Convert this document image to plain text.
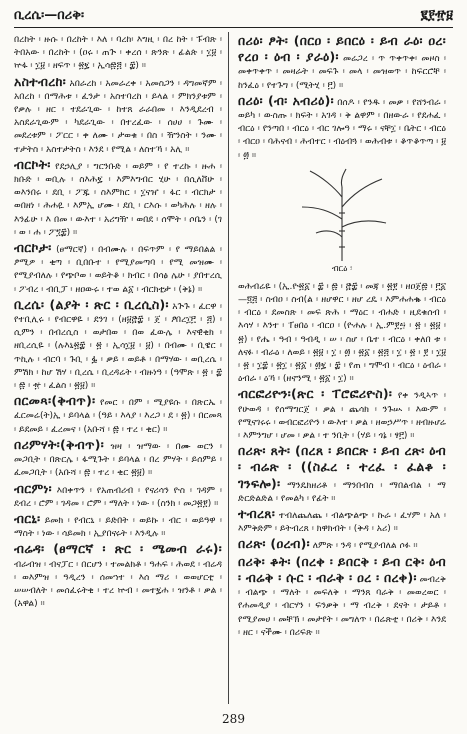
ቢረሴ፡—በሪቅ፡	፪፻፹፱

በረከት ፡ ዙሱ ፡ በረከት ፡ እለ ፡ ባረከ፡ እግዚ ፡ በረ ከት ፡ ፑብጽ ፡ ትበአው ፡ በረከት ፡ (ዐሩ ፡ ጠጕ ፡ ቀረሰ ፡ ጽንጽ ፡ ፊልጵ ፡ ፲፱ ፡ ኵፋ ፡ ፲፱ ፡ ዘፍጥ ፡ ፳፯ ፡ ኢሳ፷፭ ፡ ፰) ።

አስተብረከ፡ አበራረከ ፡ አመራረቀ ፡ አመስጋን ፡ ዳግመኛም ፡ አበረከ ፡ በማሕቱ ፡ ፈንታ ፡ አስተባረከ ፡ ይላል ፡ ምክንያቱም ፡ የቃሉ ፡ ዘር ፡ ተደራጊው ፡ ከተጸ ራራበመ ፡ እንዲደረብ ፡ አስደራጊውም ፡ ካደራጊው ፡ በተረፈው ፡ ሰሀሀ ፡ ጉሙ ፡ መደረቱም ፡ ፖርር ፡ ቀ ለሙ ፡ ታወቁ ፡ በስ ፡ ዥንስት ፡ ንሙ ፡ ተታትስ ፡ አስተታትስ ፡ እንደ ፡ የሚል ፡ ለስተኻ ፡ አሊ ።

ብርኮት፡ የደኃሊያ ፡ ግርንቡድ ፡ ወይም ፡ የ ተረኩ ፡ ዙሐ ፡ ክቡድ ፡ ወቢሉ ፡ ስእሕ፯ ፡ እምእግብር ሂሁ ፡ በሲለቨሁ ፡ ወእንበሩ ፡ ደቢ ፡ ፖጁ ፡ ስእምክር ፡ ፲ናዠ ፡ ፋር ፡ ብርክታ ፡ ወበዘነ ፡ ሕሐዪ ፡ እምኢ ሆሙ ፡ ደቢ ፡ ርእሱ ፡ ወካሕሉ ፡ ዘሉ ፡ እንፊሁ ፡ እ በመ ፡ ውእተ ፡ አሪግዥ ፡ ወበደ ፡ ሰሞት ፡ ሶቤን ፡ (ገ ፡ ወ ፡ ሐ ፡ ፖ፺፰) ።

ብርኮታ፡ (ፀማርኛ) ፡ በብሙሉ ፡ በፍጥም ፡ የ ማይበልል ፡ ፆሚዎ ፡ ቂጣ ፡ ቢበቡተ ፡ የሚያመጣባ ፡ የሚ መዝሙ ፡ የሚያብለሉ ፡ የጭቦወ ፡ ወይትቆ ፡ ክብር ፡ በሳፅ ሌሁ ፡ ያበተረሲ ፡ ፖብረ ፡ ብቢፓ ፡ ዘዐውሩ ፡ ተወ ል፩ ፡ ብርክቲታ ፡ (ቅኔ) ።

ቢረሴ፡ (ልያት ፡ ጽር ፡ ቢረሲስ)፡ አጕጉ ፡ ፈርዋ ፡ የተቢሊሩ ፡ የብርዋዬ ፡ ደንገ ፡ (ዘ፱፸፰ ፡ ጀ ፡ ፆበረ፲፫ ፡ ፭) ፡ ሲምን ፡ በብረሲስ ፡ ወታበወ ፡ በወ ፈውሌ ፡ እናዊቂክ ፡ ዘቢረሲዬ ፡ (ሉእኒ፳፰ ፡ ፳ ፡ ኢሳ፲፱ ፡ ፱) ፡ በብሙ ፡ ቢዌር ፡ ጥኪሉ ፡ ብርባ ፡ ጉቢ ፡ ፏ ፡ ቃይ ፡ ወይቶ ፡ በማሃው ፡ ወቢረሴ ፡ ምሽክ ፡ ከሆ ሽሃ ፡ ቢረሴ ፡ ቢረዳሬት ፡ ብዙነዓ ፡ (ዓሞጽ ፡ ፳ ፡ ፰ ፡ ፷ ፡ ፹ ፡ ፈልስ ፡ ፳፱) ።

በርመጻ፡(ቅብጥ)፡ የመር ፡ በም ፡ ሚያዩሱ ፡ በጽርኤ ፡ ፈርመሬ(ት)ኢ ፡ ይባላል ፡ (ዓይ ፡ እላያ ፡ እረጋ ፡ ደ ፡ ፳) ፡ በርመጻ ፡ ይደመይ ፡ ፈረመና ፡ (አቡሻ ፡ ፷ ፡ ተረ ፡ ቂር) ።

በሪምሃት፡(ቅብጥ)፡ ዝዛ ፡ ዝማው ፡ በሙ ወርን ፡ መጋቢት ፡ በጽርሌ ፡ ፋሚጉት ፡ ይባላል ፡ በረ ምሃት ፡ ይሰምይ ፡ ፈመጋቢት ፡ (አቡሻ ፡ ፷ ፡ ተረ ፡ ቂር ፳፱) ።

ብርምነ፡ እበቀጥን ፡ የአጠብሪብ ፡ የናሪሳን ዮስ ፡ ገዳም ፡ ደብረ ፡ ሮም ፡ ገዳመ ፡ ሮም ፡ ማለት ፡ ነው ፡ (ስንክ ፡ መጋ፳፻) ።

ብርኒ፡ ይመክ ፡ የብርኒ ፡ ይድበት ፡ ወይኩ ፡ ብር ፡ ወይዓዋ ፡ ማስት ፡ ነው ፡ ሳይመክ ፡ ኢያበናሩት ፡ እንዲሉ ።

ብሬዳ፡ (ፀማርኛ ፡ ጽር ፡ ሜመብ ራሩ)፡ ብራብዝ ፡ ብናፓር ፡ በርሆን ፡ ተመልክቶ ፡ ዓሐፍ ፡ ሕወደ ፡ ብሬዳ ፡ ወእምዝ ፡ ዓዲረን ፡ ሰመኀተ ፡ እሰ ማሪ ፡ ወወሆርቲ ፡ ሠሠብለት ፡ መሰፈሩትቂ ፡ ተረ ኵብ ፡ መተ፯ሐ ፡ ዝንቶ ፡ ቃል ፡ (አዋል) ።

በሪዕ፡ ፆት፡ (በርዐ ፡ ይበርዕ ፡ ይብ ራዕ፡ ዐረ፡ የረዐ ፡ ዕብ ፡ ያራዕ)፡ መሬጋረ ፡ ጥ ጥቀጥቀ፡ መዞስ ፡ መቀጥቀጥ ፡ መዛራት ፡ መፍጉ ፡ መላ ፡ መዝወጥ ፡ ከፍርሮቸ ፡ ከንፈዕ ፡ የተጉግ ፡ (ሚትሂ ፡ ፫) ።

በሪዕ፡ (ብ፡ አብሪዕ)፡ በሰዶ ፡ የንዱ ፡ መቃ ፡ የሸንብራ ፡ ወይካ ፡ ውስጡ ፡ ክፍት ፡ አገዳ ፡ ቅ ልዋም ፡ በዘውራ ፡ የደሐፈ ፡ ብርዕ ፡ የንጣበ ፡ ብርዕ ፡ ብር ገሎዓ ፡ ማሩ ፡ ናቸ፲ ፡ ቤትር ፡ ብርዕ ፡ ብርዐ ፡ ባሕናብ ፡ ሕብተር ፡ ብዕብጓ ፡ ወሕብቱ ፡ ቆጥቆጥጣ ፡ ፱ ፡ ፴ ።

ብርዕ ፡

ወሕብሬዬ ፡ (ኢ.ዮ፳፩ ፡ ፰ ፡ ፷ ፡ ፸፰ ፡ መጃ ፡ ፳፻ ፡ ዘዐጀ፷ ፡ ፫፩—፬፭ ፡ ስብዐ ፡ ስብ(ል ፡ ዘሆዋር ፡ ዘሆ ረዴ ፡ እምሐሐቈ ፡ ብርዕ ፡ ብርዕ ፡ ደመስጽ ፡ መፍ ጽሕ ፡ ማዕር ፡ ብሐድ ፡ ዚደቁሰብ ፡ እሳሃ ፡ እንተ ፡ ፐፀበዕ ፡ ብርዐ ፡ (ዮሐሉ ፡ ኢ.ም፻፵ ፡ ፳ ፡ ፳፱ ፡ ፳) ፡ የሔ ፡ ዓብ ፡ ዓብዲ ፡ ሠ ፡ ስሆ ፡ ቤተ ፡ ብርዕ ፡ ቀለበ ቱ ፡ ለናፉ ፡ ብራዕ ፡ ለወይ ፡ ፳፱ ፡ ፲ ፡ ፴ ፡ ፳፩ ፡ ፳፭ ፡ ፲ ፡ ፳ ፡ ፻ ፡ ፲፱ ፡ ፳ ፡ ፲፰ ፡ ፳፲ ፡ ፳፩ ፡ ፴፯ ፡ ፰ ፡ የጠ ፡ ግሞብ ፡ ብርዕ ፡ ዕብራ ፡ ዕብራ ፡ ዕኻ ፡ (ዘኖንሚ ፡ ፳፩ ፡ ፲) ።

ብርፎሪዮን፡(ጽር ፡ ፐሮፎሪዮስ)፡ የቀ ንዲኣጥ ፡ የሁወዳ ፡ የሰማግርጀ ፡ ቃል ፡ ጨሳክ ፡ ንጉሡ ፡ እውም ፡ የሚናገሩሩ ፡ ወብርፎሪዮን ፡ ውእተ ፡ ቃል ፡ ዘወኃሥጥ ፡ ዘብዙሆሬ ፡ እምንግሆ ፡ ሆመ ፡ ቃል ፡ ተ ንቢት ፡ (ሃይ ፡ ጎኔ ፡ ፃ፫) ።

በሪጽ፡ ጸት፡ (በረጸ ፡ ይበርጽ ፡ ይብ ረጽ፡ ዕብ ፡ ብሬጽ ፡ ((ስፈረ ፡ ተረፈ ፡ ፈልቆ ፡ ገንፍሎ)፡ ማንዴክዘሪቶ ፡ ማንበብስ ፡ ማበልብል ፡ ማ ድርድልድል ፡ የመልካ ፡ የፊት ።

ተብረጸ፡ ተብለጨለጨ ፡ ብልጭልጭ ፡ ኩራ ፡ ፈሃም ፡ አለ ፡ እምቅድም ፡ ይትብረጸ ፡ ክዋክብት ፡ (ቅዳ ፡ አሪ) ።

በሪጽ፡ (ዐረብ)፡ ለምጽ ፡ ንዳ ፡ የሚያብለል ሶፉ ።

በሪቅ፡ ቆት፡ (በረቀ ፡ ይበርቅ ፡ ይብ ርቅ፡ ዕብ ፡ ብሬቅ ፡ ሱር ፡ ብራቅ ፡ ዐረ ፡ በረቀ)፡ መብረቅ ፡ ብልጭ ፡ ማለት ፡ መፍለቅ ፡ ማንጸ ባራቅ ፡ መወረወር ፡ የሐመዲያ ፡ ብርሃን ፡ ፍንቃቅ ፡ ማ ብረቅ ፡ ደናት ፡ ታይቶ ፡ የሚያመሀ ፡ መቸኽ ፡ መታየት ፡ መግለጥ ፡ በሬጽቲ ፡ በሪቅ ፡ እንደ ፡ ዘር ፡ ናችሙ ፡ በሪፍጽ ።

289
